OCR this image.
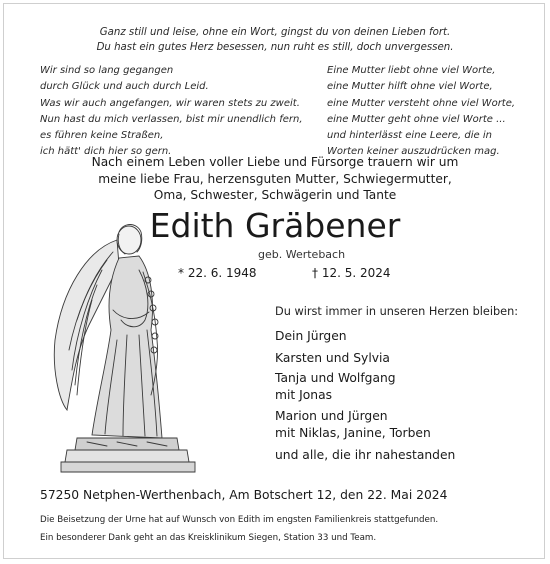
Ganz still und leise, ohne ein Wort, gingst du von deinen Lieben fort.
Du hast ein gutes Herz besessen, nun ruht es still, doch unvergessen.
Wir sind so lang gegangen
durch Glück und auch durch Leid.
Was wir auch angefangen, wir waren stets zu zweit.
Nun hast du mich verlassen, bist mir unendlich fern,
es führen keine Straßen,
ich hätt' dich hier so gern.
Eine Mutter liebt ohne viel Worte,
eine Mutter hilft ohne viel Worte,
eine Mutter versteht ohne viel Worte,
eine Mutter geht ohne viel Worte ...
und hinterlässt eine Leere, die in
Worten keiner auszudrücken mag.
Nach einem Leben voller Liebe und Fürsorge trauern wir um
meine liebe Frau, herzensguten Mutter, Schwiegermutter,
Oma, Schwester, Schwägerin und Tante
Edith Gräbener
geb. Wertebach
* 22. 6. 1948	† 12. 5. 2024
Du wirst immer in unseren Herzen bleiben:
Dein Jürgen
Karsten und Sylvia
Tanja und Wolfgang
mit Jonas
Marion und Jürgen
mit Niklas, Janine, Torben
und alle, die ihr nahestanden
57250 Netphen-Werthenbach, Am Botschert 12, den 22. Mai 2024
Die Beisetzung der Urne hat auf Wunsch von Edith im engsten Familienkreis stattgefunden.
Ein besonderer Dank geht an das Kreisklinikum Siegen, Station 33 und Team.
